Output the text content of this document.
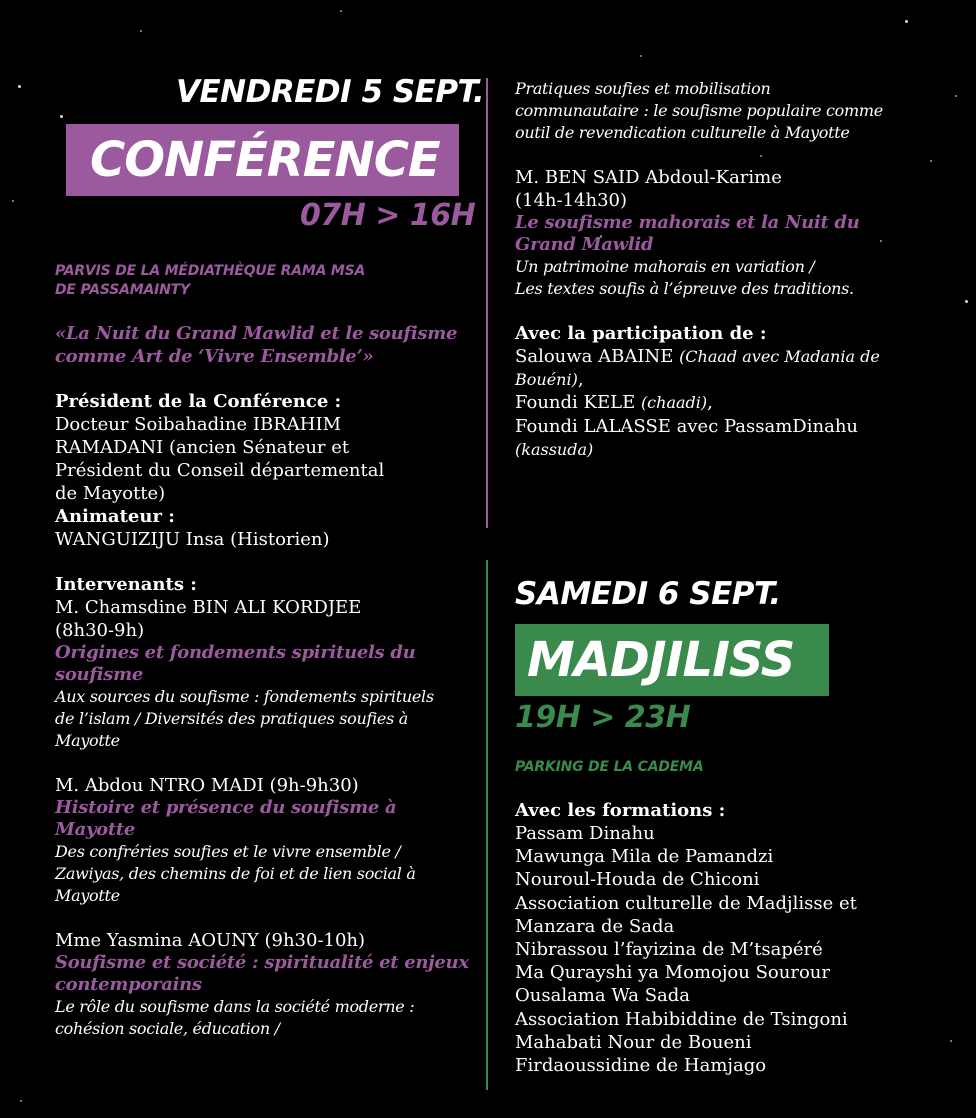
VENDREDI 5 SEPT.
CONFÉRENCE
07H > 16H

PARVIS DE LA MÉDIATHÈQUE RAMA MSA
DE PASSAMAINTY

«La Nuit du Grand Mawlid et le soufisme
comme Art de ‘Vivre Ensemble’»

Président de la Conférence :

Docteur Soibahadine IBRAHIM
RAMADANI (ancien Sénateur et
Président du Conseil départemental
de Mayotte)

Animateur :

WANGUIZIJU Insa (Historien)

Intervenants :

M. Chamsdine BIN ALI KORDJEE
(8h30-9h)

Origines et fondements spirituels du
soufisme

Aux sources du soufisme : fondements spirituels
de l’islam / Diversités des pratiques soufies à
Mayotte

M. Abdou NTRO MADI (9h-9h30)

Histoire et présence du soufisme à
Mayotte

Des confréries soufies et le vivre ensemble /
Zawiyas, des chemins de foi et de lien social à
Mayotte

Mme Yasmina AOUNY (9h30-10h)

Soufisme et société : spiritualité et enjeux
contemporains

Le rôle du soufisme dans la société moderne :
cohésion sociale, éducation /

Pratiques soufies et mobilisation
communautaire : le soufisme populaire comme
outil de revendication culturelle à Mayotte

M. BEN SAID Abdoul-Karime
(14h-14h30)

Le soufisme mahorais et la Nuit du
Grand Mawlid

Un patrimoine mahorais en variation /
Les textes soufis à l’épreuve des traditions.

Avec la participation de :

Salouwa ABAINE (Chaad avec Madania de
Bouéni),

Foundi KELE (chaadi),

Foundi LALASSE avec PassamDinahu
(kassuda)

SAMEDI 6 SEPT.
MADJILISS
19H > 23H

PARKING DE LA CADEMA

Avec les formations :

Passam Dinahu

Mawunga Mila de Pamandzi

Nouroul-Houda de Chiconi

Association culturelle de Madjlisse et

Manzara de Sada

Nibrassou l’fayizina de M’tsapéré

Ma Qurayshi ya Momojou Sourour

Ousalama Wa Sada

Association Habibiddine de Tsingoni

Mahabati Nour de Boueni

Firdaoussidine de Hamjago
